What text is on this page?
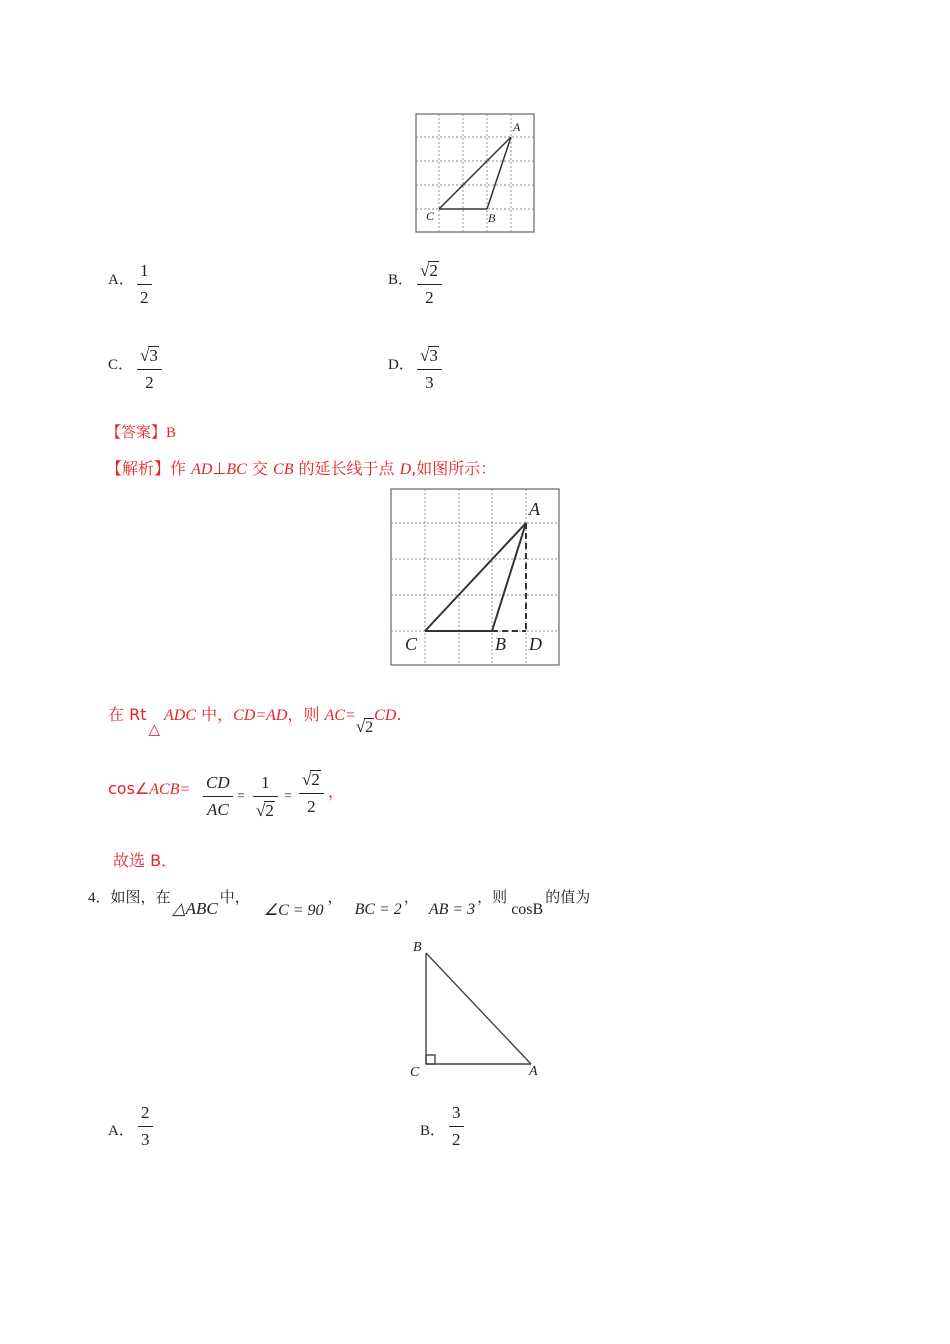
A
C	B
A． 1
2
B． √ 2
2
C． √ 3
2
D． √ 3
3
【答案】B
【解析】作 AD⊥BC 交 CB 的延长线于点 D,如图所示：
A
C	B D
在 Rt△ADC 中，CD=AD，则 AC=
√ 2
CD.
cos∠ACB= CD
AC
=
1
√ 2
=
√ 2
2
，
故选 B．
4．如图，在△ABC中，∠C = 90，BC = 2，AB = 3，则cosB的值为
B
C	A
A．
2
3	B．
3
2
